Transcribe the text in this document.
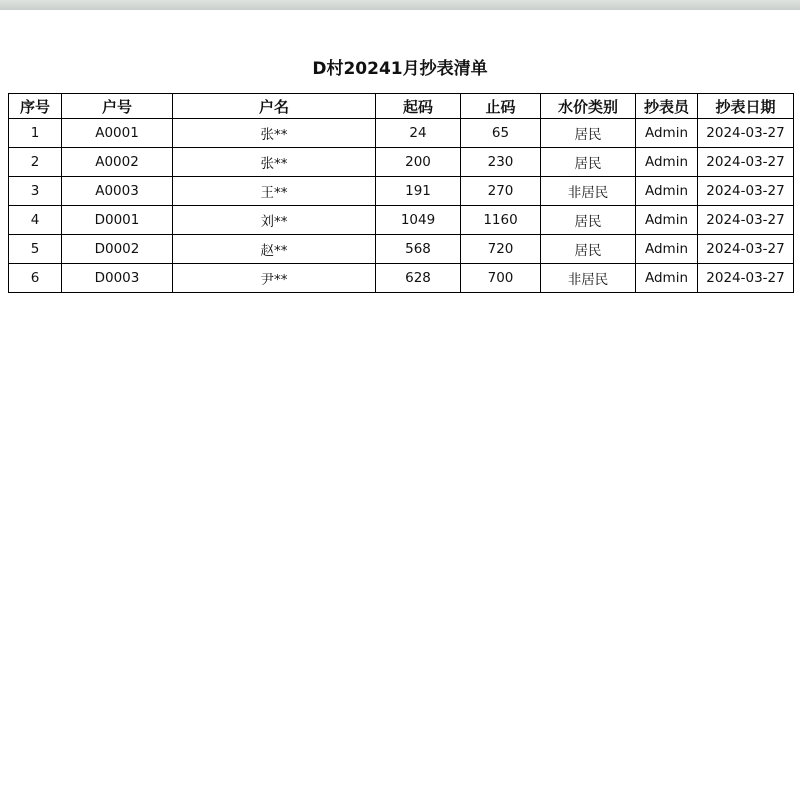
D村20241月抄表清单
序号	户号	户名	起码	止码	水价类别	抄表员	抄表日期
1	A0001	张**	24	65	居民	Admin	2024-03-27
2	A0002	张**	200	230	居民	Admin	2024-03-27
3	A0003	王**	191	270	非居民	Admin	2024-03-27
4	D0001	刘**	1049	1160	居民	Admin	2024-03-27
5	D0002	赵**	568	720	居民	Admin	2024-03-27
6	D0003	尹**	628	700	非居民	Admin	2024-03-27
